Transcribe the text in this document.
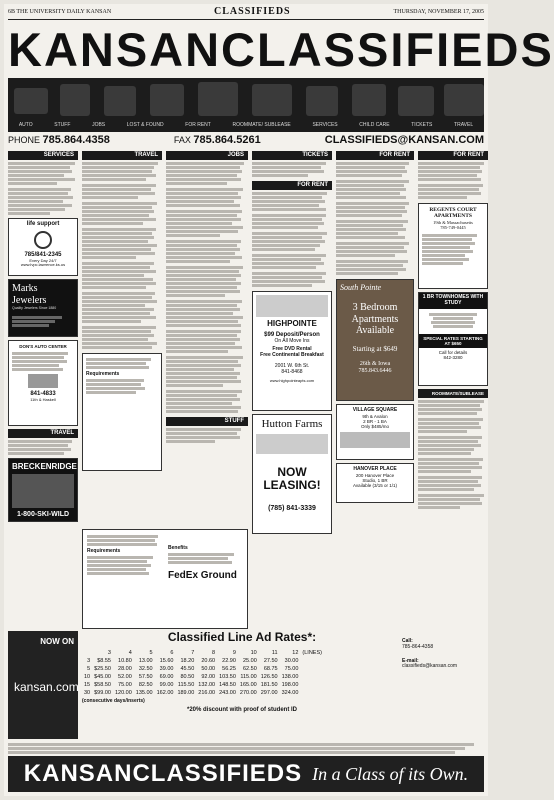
6B THE UNIVERSITY DAILY KANSAN	CLASSIFIEDS	THURSDAY, NOVEMBER 17, 2005
KANSANCLASSIFIEDS
AUTO	STUFF	JOBS	LOST & FOUND	FOR RENT	ROOMMATE/ SUBLEASE	SERVICES	CHILD CARE	TICKETS	TRAVEL
PHONE 785.864.4358	FAX 785.864.5261	CLASSIFIEDS@KANSAN.COM
SERVICES
life support
785/841-2345
Every Day 24/7
www.lvpc.lawrence.ks.us
Marks Jewelers
Quality Jewelers Since 1880
DON'S AUTO CENTER
841-4833
11th & Haskell
TRAVEL
BRECKENRIDGE
1-800-SKI-WILD
TRAVEL
Requirements
JOBS
STUFF
Requirements	Benefits
FedEx Ground
TICKETS
FOR RENT
HIGHPOINTE
$99 Deposit/Person
On All Move Ins
Free DVD Rental
Free Continental Breakfast
2001 W. 6th St.
841-8468
www.highpointeapts.com
Hutton Farms
NOW LEASING!
(785) 841-3339
FOR RENT
South Pointe
3 Bedroom
Apartments
Available
Starting at $649
26th & Iowa
785.843.6446
VILLAGE SQUARE
9th & Avalon
2 BR - 1 BA
Only $485/mo
HANOVER PLACE
200 Hanover Place
Studio, 1 BR
Available (3/15 or 1/1)
FOR RENT
REGENTS COURT APARTMENTS
19th & Massachusetts
785-749-0445
1 BR TOWNHOMES WITH STUDY
SPECIAL RATES STARTING AT $650
Call for details
842-3280
ROOMMATE/SUBLEASE
NOW ON
kansan.com
Classified Line Ad Rates*:	Call:
785-864-4358
E-mail:
classifieds@kansan.com
	3	4	5	6	7	8	9	10	11	12	(LINES)
3	$8.55	10.80	13.00	15.60	18.20	20.60	22.90	25.00	27.50	30.00	
5	$25.50	28.00	32.50	39.00	45.50	50.00	56.25	62.50	68.75	75.00	
10	$45.00	52.00	57.50	69.00	80.50	92.00	103.50	115.00	126.50	138.00	
15	$58.50	75.00	82.50	99.00	115.50	132.00	148.50	165.00	181.50	198.00	
30	$99.00	120.00	135.00	162.00	189.00	216.00	243.00	270.00	297.00	324.00	
(consecutive days/inserts)
*20% discount with proof of student ID
KANSANCLASSIFIEDS In a Class of its Own.
